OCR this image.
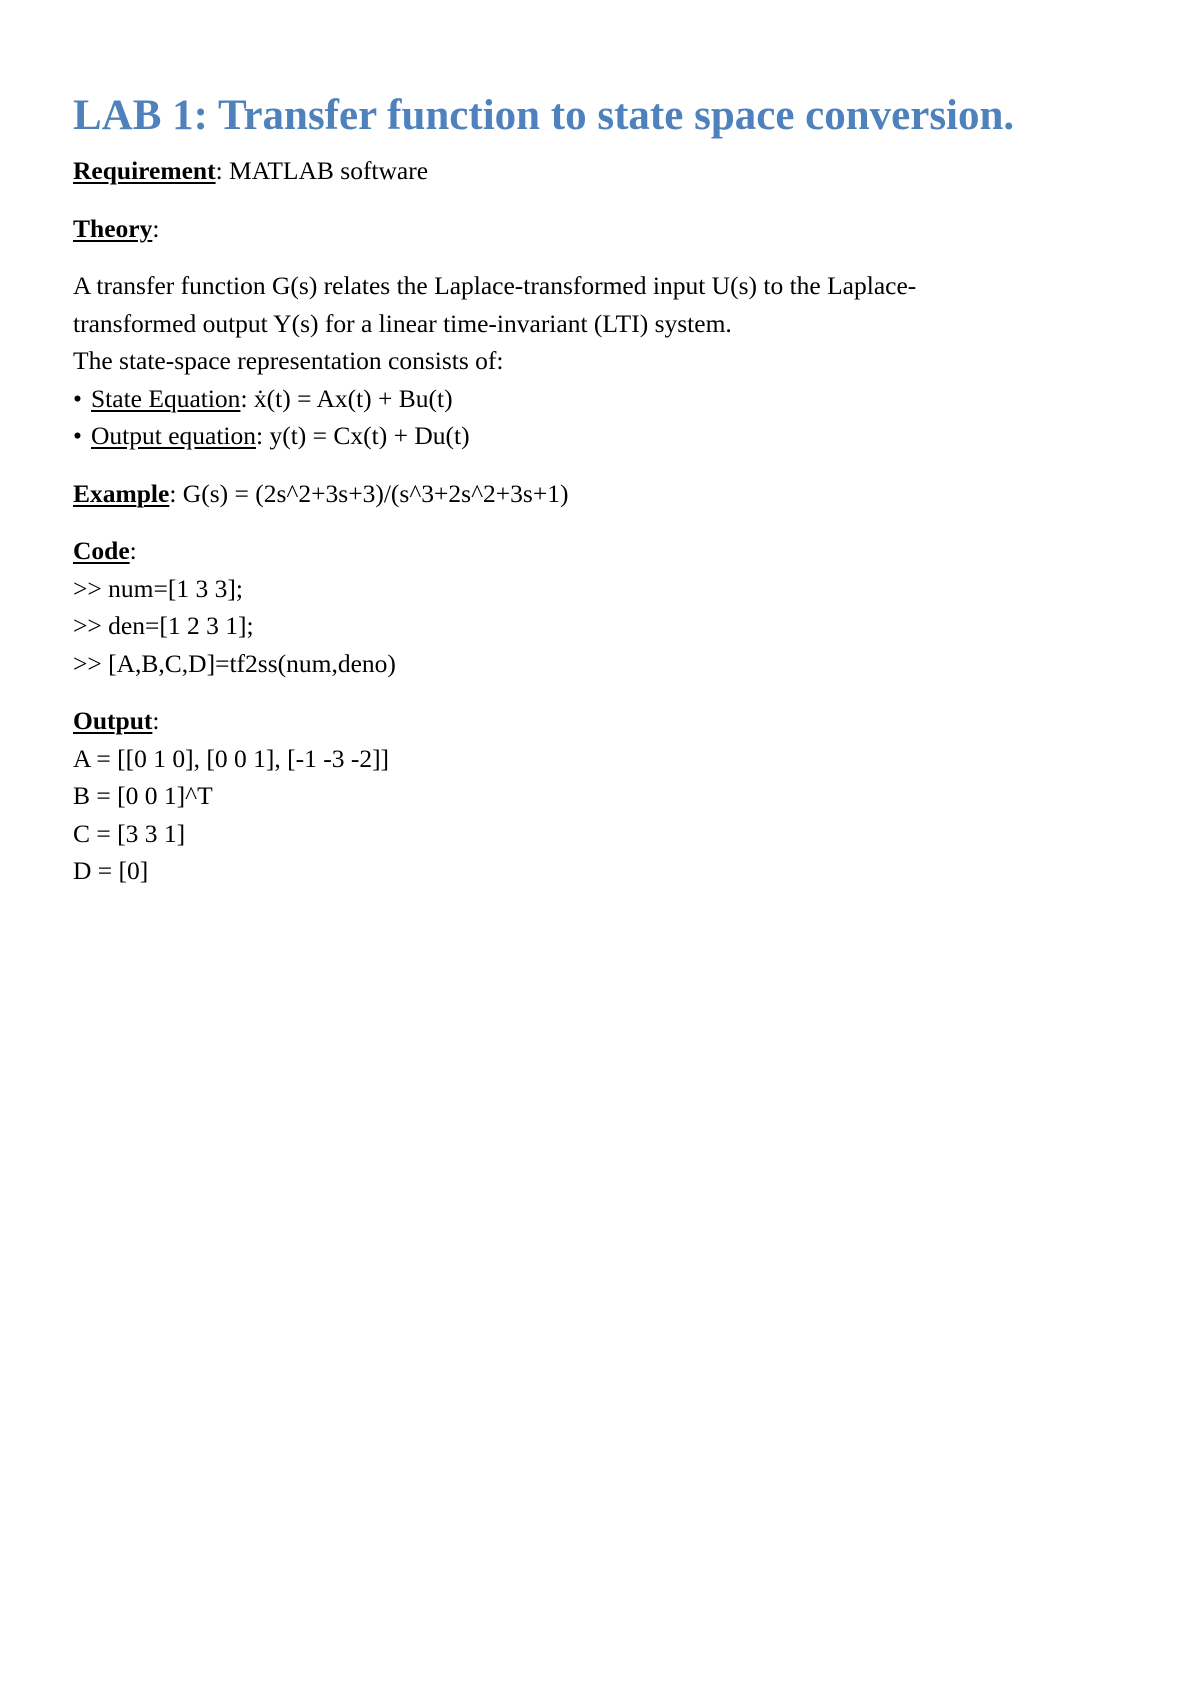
LAB 1: Transfer function to state space conversion.
Requirement: MATLAB software
Theory:
A transfer function G(s) relates the Laplace-transformed input U(s) to the Laplace-
transformed output Y(s) for a linear time-invariant (LTI) system.
The state-space representation consists of:
• State Equation: ẋ(t) = Ax(t) + Bu(t)
• Output equation: y(t) = Cx(t) + Du(t)
Example: G(s) = (2s^2+3s+3)/(s^3+2s^2+3s+1)
Code:
>> num=[1 3 3];
>> den=[1 2 3 1];
>> [A,B,C,D]=tf2ss(num,deno)
Output:
A = [[0 1 0], [0 0 1], [-1 -3 -2]]
B = [0 0 1]^T
C = [3 3 1]
D = [0]
